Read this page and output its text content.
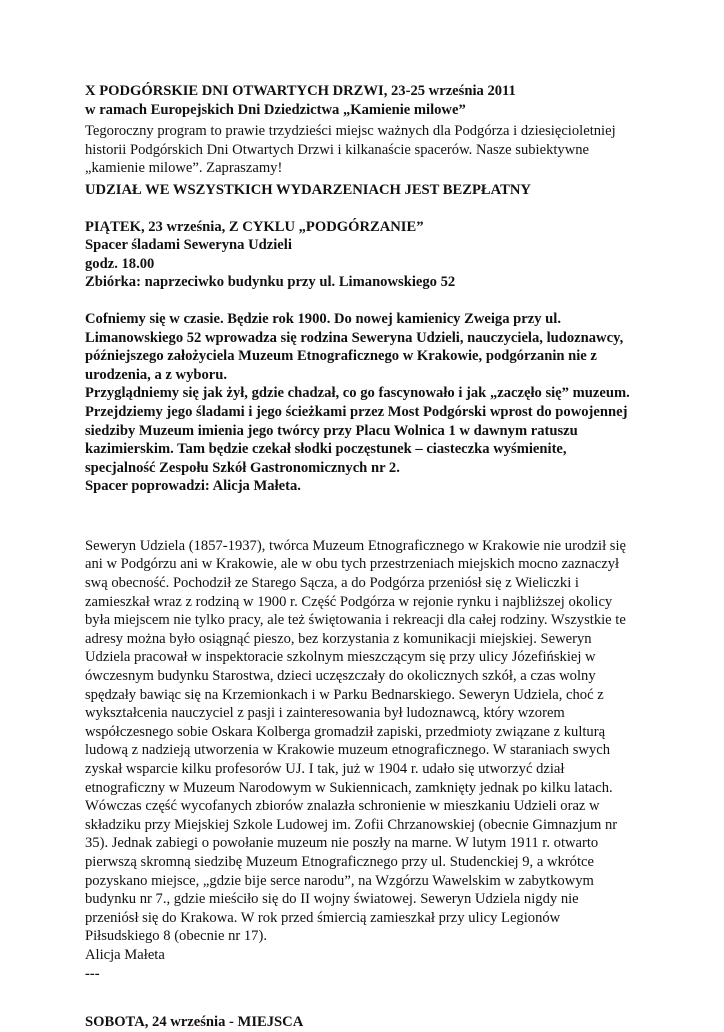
X PODGÓRSKIE DNI OTWARTYCH DRZWI, 23-25 września 2011
w ramach Europejskich Dni Dziedzictwa „Kamienie milowe”
Tegoroczny program to prawie trzydzieści miejsc ważnych dla Podgórza i dziesięcioletniej
historii Podgórskich Dni Otwartych Drzwi i kilkanaście spacerów. Nasze subiektywne
„kamienie milowe”. Zapraszamy!
UDZIAŁ WE WSZYSTKICH WYDARZENIACH JEST BEZPŁATNY
PIĄTEK, 23 września, Z CYKLU „PODGÓRZANIE”
Spacer śladami Seweryna Udzieli
godz. 18.00
Zbiórka: naprzeciwko budynku przy ul. Limanowskiego 52
Cofniemy się w czasie. Będzie rok 1900. Do nowej kamienicy Zweiga przy ul.
Limanowskiego 52 wprowadza się rodzina Seweryna Udzieli, nauczyciela, ludoznawcy,
późniejszego założyciela Muzeum Etnograficznego w Krakowie, podgórzanin nie z
urodzenia, a z wyboru.
Przyglądniemy się jak żył, gdzie chadzał, co go fascynowało i jak „zaczęło się” muzeum.
Przejdziemy jego śladami i jego ścieżkami przez Most Podgórski wprost do powojennej
siedziby Muzeum imienia jego twórcy przy Placu Wolnica 1 w dawnym ratuszu
kazimierskim. Tam będzie czekał słodki poczęstunek – ciasteczka wyśmienite,
specjalność Zespołu Szkół Gastronomicznych nr 2.
Spacer poprowadzi: Alicja Małeta.
Seweryn Udziela (1857-1937), twórca Muzeum Etnograficznego w Krakowie nie urodził się
ani w Podgórzu ani w Krakowie, ale w obu tych przestrzeniach miejskich mocno zaznaczył
swą obecność. Pochodził ze Starego Sącza, a do Podgórza przeniósł się z Wieliczki i
zamieszkał wraz z rodziną w 1900 r. Część Podgórza w rejonie rynku i najbliższej okolicy
była miejscem nie tylko pracy, ale też świętowania i rekreacji dla całej rodziny. Wszystkie te
adresy można było osiągnąć pieszo, bez korzystania z komunikacji miejskiej. Seweryn
Udziela pracował w inspektoracie szkolnym mieszczącym się przy ulicy Józefińskiej w
ówczesnym budynku Starostwa, dzieci uczęszczały do okolicznych szkół, a czas wolny
spędzały bawiąc się na Krzemionkach i w Parku Bednarskiego. Seweryn Udziela, choć z
wykształcenia nauczyciel z pasji i zainteresowania był ludoznawcą, który wzorem
współczesnego sobie Oskara Kolberga gromadził zapiski, przedmioty związane z kulturą
ludową z nadzieją utworzenia w Krakowie muzeum etnograficznego. W staraniach swych
zyskał wsparcie kilku profesorów UJ. I tak, już w 1904 r. udało się utworzyć dział
etnograficzny w Muzeum Narodowym w Sukiennicach, zamknięty jednak po kilku latach.
Wówczas część wycofanych zbiorów znalazła schronienie w mieszkaniu Udzieli oraz w
składziku przy Miejskiej Szkole Ludowej im. Zofii Chrzanowskiej (obecnie Gimnazjum nr
35). Jednak zabiegi o powołanie muzeum nie poszły na marne. W lutym 1911 r. otwarto
pierwszą skromną siedzibę Muzeum Etnograficznego przy ul. Studenckiej 9, a wkrótce
pozyskano miejsce, „gdzie bije serce narodu”, na Wzgórzu Wawelskim w zabytkowym
budynku nr 7., gdzie mieściło się do II wojny światowej. Seweryn Udziela nigdy nie
przeniósł się do Krakowa. W rok przed śmiercią zamieszkał przy ulicy Legionów
Piłsudskiego 8 (obecnie nr 17).
Alicja Małeta
---
SOBOTA, 24 września - MIEJSCA
